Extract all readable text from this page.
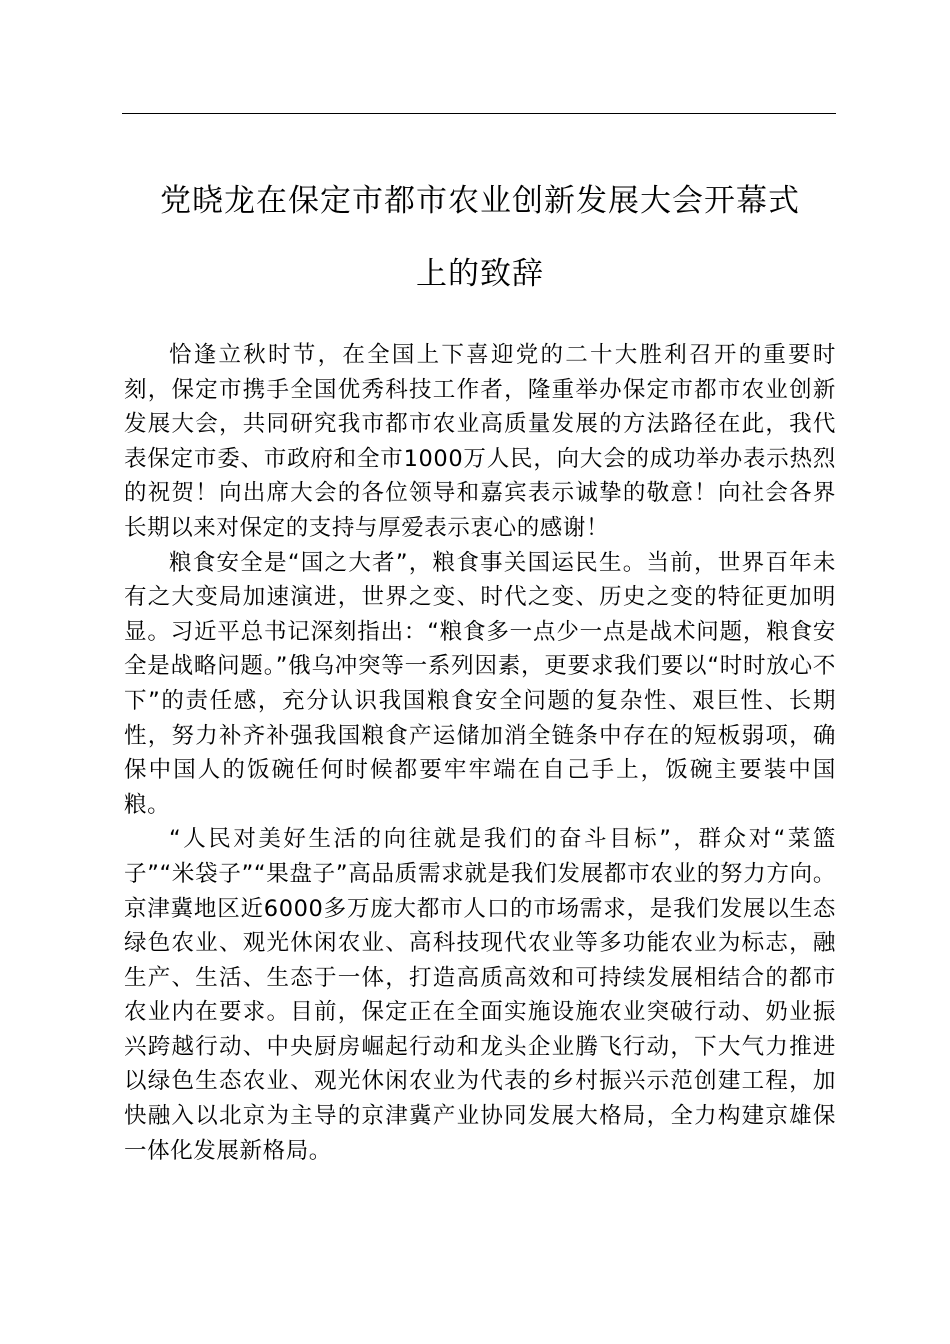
党晓龙在保定市都市农业创新发展大会开幕式
上的致辞

恰逢立秋时节，在全国上下喜迎党的二十大胜利召开的重要时刻，保定市携手全国优秀科技工作者，隆重举办保定市都市农业创新发展大会，共同研究我市都市农业高质量发展的方法路径在此，我代表保定市委、市政府和全市1000万人民，向大会的成功举办表示热烈的祝贺！向出席大会的各位领导和嘉宾表示诚挚的敬意！向社会各界长期以来对保定的支持与厚爱表示衷心的感谢！

粮食安全是“国之大者”，粮食事关国运民生。当前，世界百年未有之大变局加速演进，世界之变、时代之变、历史之变的特征更加明显。习近平总书记深刻指出：“粮食多一点少一点是战术问题，粮食安全是战略问题。”俄乌冲突等一系列因素，更要求我们要以“时时放心不下”的责任感，充分认识我国粮食安全问题的复杂性、艰巨性、长期性，努力补齐补强我国粮食产运储加消全链条中存在的短板弱项，确保中国人的饭碗任何时候都要牢牢端在自己手上，饭碗主要装中国粮。

“人民对美好生活的向往就是我们的奋斗目标”，群众对“菜篮子”“米袋子”“果盘子”高品质需求就是我们发展都市农业的努力方向。京津冀地区近6000多万庞大都市人口的市场需求，是我们发展以生态绿色农业、观光休闲农业、高科技现代农业等多功能农业为标志，融生产、生活、生态于一体，打造高质高效和可持续发展相结合的都市农业内在要求。目前，保定正在全面实施设施农业突破行动、奶业振兴跨越行动、中央厨房崛起行动和龙头企业腾飞行动，下大气力推进以绿色生态农业、观光休闲农业为代表的乡村振兴示范创建工程，加快融入以北京为主导的京津冀产业协同发展大格局，全力构建京雄保一体化发展新格局。
